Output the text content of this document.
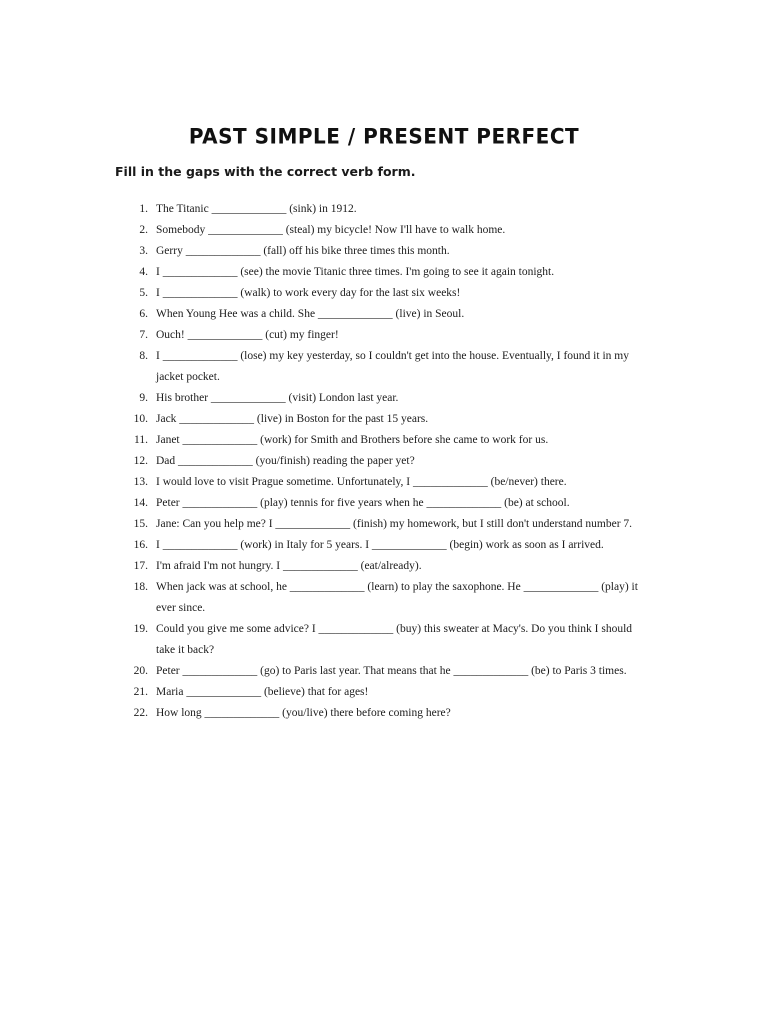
PAST SIMPLE / PRESENT PERFECT
Fill in the gaps with the correct verb form.
1. The Titanic _____________ (sink) in 1912.
2. Somebody _____________ (steal) my bicycle! Now I'll have to walk home.
3. Gerry _____________ (fall) off his bike three times this month.
4. I _____________ (see) the movie Titanic three times. I'm going to see it again tonight.
5. I _____________ (walk) to work every day for the last six weeks!
6. When Young Hee was a child. She _____________ (live) in Seoul.
7. Ouch! _____________ (cut) my finger!
8. I _____________ (lose) my key yesterday, so I couldn't get into the house. Eventually, I found it in my jacket pocket.
9. His brother _____________ (visit) London last year.
10. Jack _____________ (live) in Boston for the past 15 years.
11. Janet _____________ (work) for Smith and Brothers before she came to work for us.
12. Dad _____________ (you/finish) reading the paper yet?
13. I would love to visit Prague sometime. Unfortunately, I _____________ (be/never) there.
14. Peter _____________ (play) tennis for five years when he _____________ (be) at school.
15. Jane: Can you help me? I _____________ (finish) my homework, but I still don't understand number 7.
16. I _____________ (work) in Italy for 5 years. I _____________ (begin) work as soon as I arrived.
17. I'm afraid I'm not hungry. I _____________ (eat/already).
18. When jack was at school, he _____________ (learn) to play the saxophone. He _____________ (play) it ever since.
19. Could you give me some advice? I _____________ (buy) this sweater at Macy's. Do you think I should take it back?
20. Peter _____________ (go) to Paris last year. That means that he _____________ (be) to Paris 3 times.
21. Maria _____________ (believe) that for ages!
22. How long _____________ (you/live) there before coming here?
